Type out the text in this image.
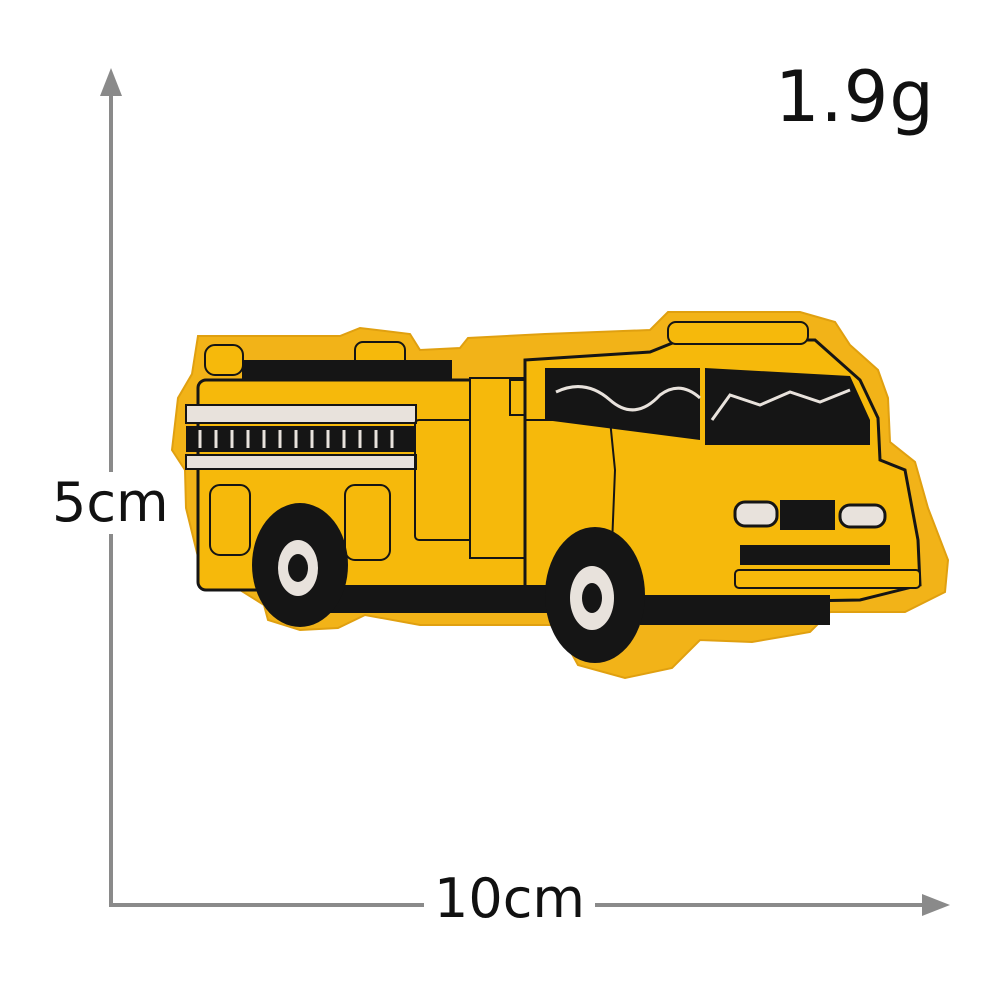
1.9g
5cm
10cm
